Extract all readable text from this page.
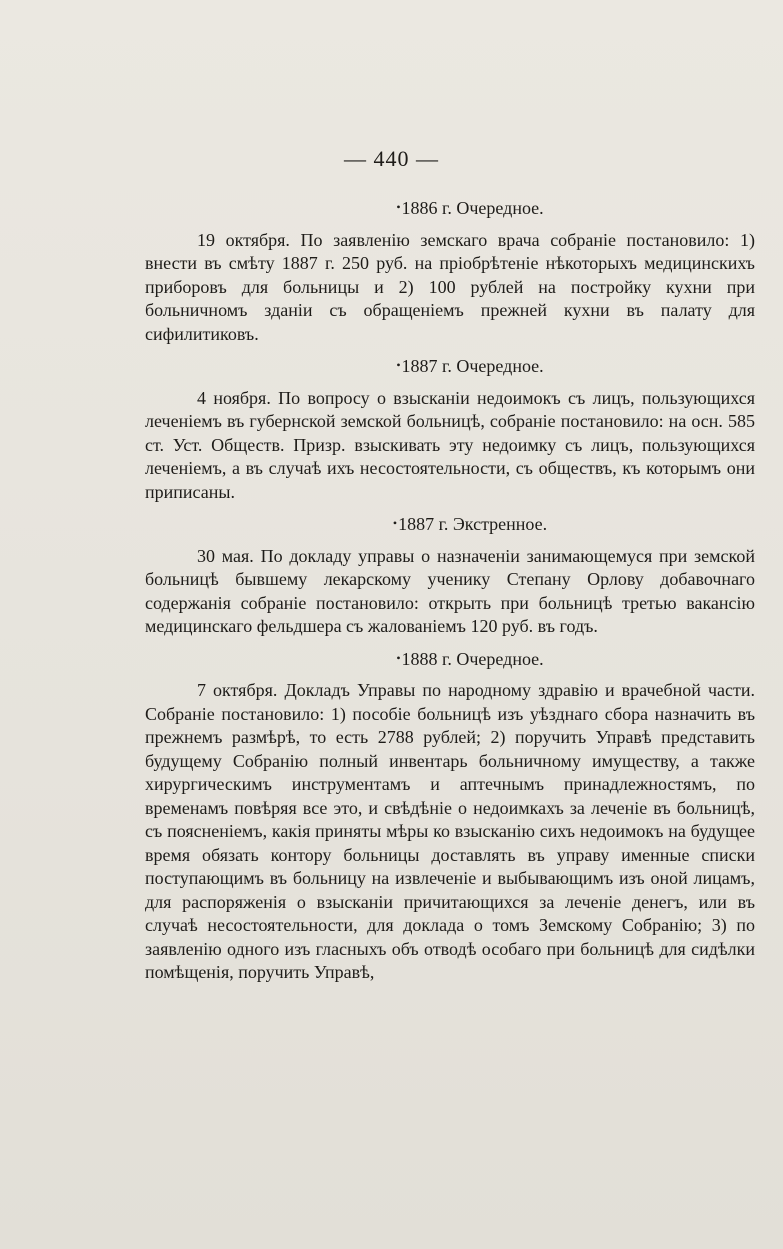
— 440 —
•1886 г. Очередное.

19 октября. По заявленію земскаго врача собраніе постановило: 1) внести въ смѣту 1887 г. 250 руб. на пріобрѣтеніе нѣкоторыхъ медицинскихъ приборовъ для больницы и 2) 100 рублей на постройку кухни при больничномъ зданіи съ обращеніемъ прежней кухни въ палату для сифилитиковъ.

•1887 г. Очередное.

4 ноября. По вопросу о взысканіи недоимокъ съ лицъ, пользующихся леченіемъ въ губернской земской больницѣ, собраніе постановило: на осн. 585 ст. Уст. Обществ. Призр. взыскивать эту недоимку съ лицъ, пользующихся леченіемъ, а въ случаѣ ихъ несостоятельности, съ обществъ, къ которымъ они приписаны.

•1887 г. Экстренное.

30 мая. По докладу управы о назначеніи занимающемуся при земской больницѣ бывшему лекарскому ученику Степану Орлову добавочнаго содержанія собраніе постановило: открыть при больницѣ третью вакансію медицинскаго фельдшера съ жалованіемъ 120 руб. въ годъ.

•1888 г. Очередное.

7 октября. Докладъ Управы по народному здравію и врачебной части. Собраніе постановило: 1) пособіе больницѣ изъ уѣзднаго сбора назначить въ прежнемъ размѣрѣ, то есть 2788 рублей; 2) поручить Управѣ представить будущему Собранію полный инвентарь больничному имуществу, а также хирургическимъ инструментамъ и аптечнымъ принадлежностямъ, по временамъ повѣряя все это, и свѣдѣніе о недоимкахъ за леченіе въ больницѣ, съ поясненіемъ, какія приняты мѣры ко взысканію сихъ недоимокъ на будущее время обязать контору больницы доставлять въ управу именные списки поступающимъ въ больницу на извлеченіе и выбывающимъ изъ оной лицамъ, для распоряженія о взысканіи причитающихся за леченіе денегъ, или въ случаѣ несостоятельности, для доклада о томъ Земскому Собранію; 3) по заявленію одного изъ гласныхъ объ отводѣ особаго при больницѣ для сидѣлки помѣщенія, поручить Управѣ,
